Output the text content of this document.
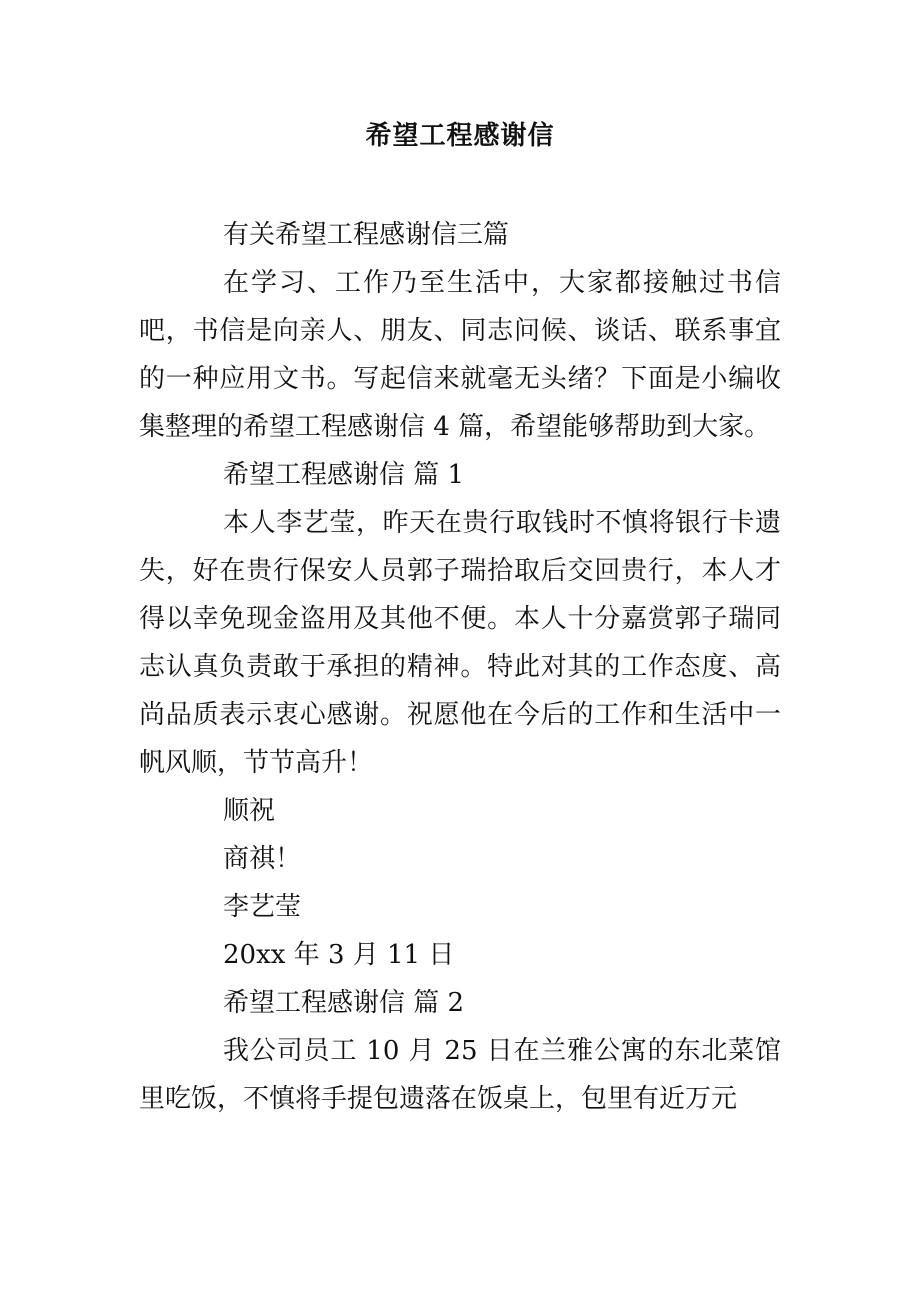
希望工程感谢信

有关希望工程感谢信三篇

在学习、工作乃至生活中，大家都接触过书信吧，书信是向亲人、朋友、同志问候、谈话、联系事宜的一种应用文书。写起信来就毫无头绪？下面是小编收集整理的希望工程感谢信 4 篇，希望能够帮助到大家。

希望工程感谢信 篇 1

本人李艺莹，昨天在贵行取钱时不慎将银行卡遗失，好在贵行保安人员郭子瑞拾取后交回贵行，本人才得以幸免现金盗用及其他不便。本人十分嘉赏郭子瑞同志认真负责敢于承担的精神。特此对其的工作态度、高尚品质表示衷心感谢。祝愿他在今后的工作和生活中一帆风顺，节节高升！

顺祝

商祺！

李艺莹

20xx 年 3 月 11 日

希望工程感谢信 篇 2

我公司员工 10 月 25 日在兰雅公寓的东北菜馆里吃饭，不慎将手提包遗落在饭桌上，包里有近万元
